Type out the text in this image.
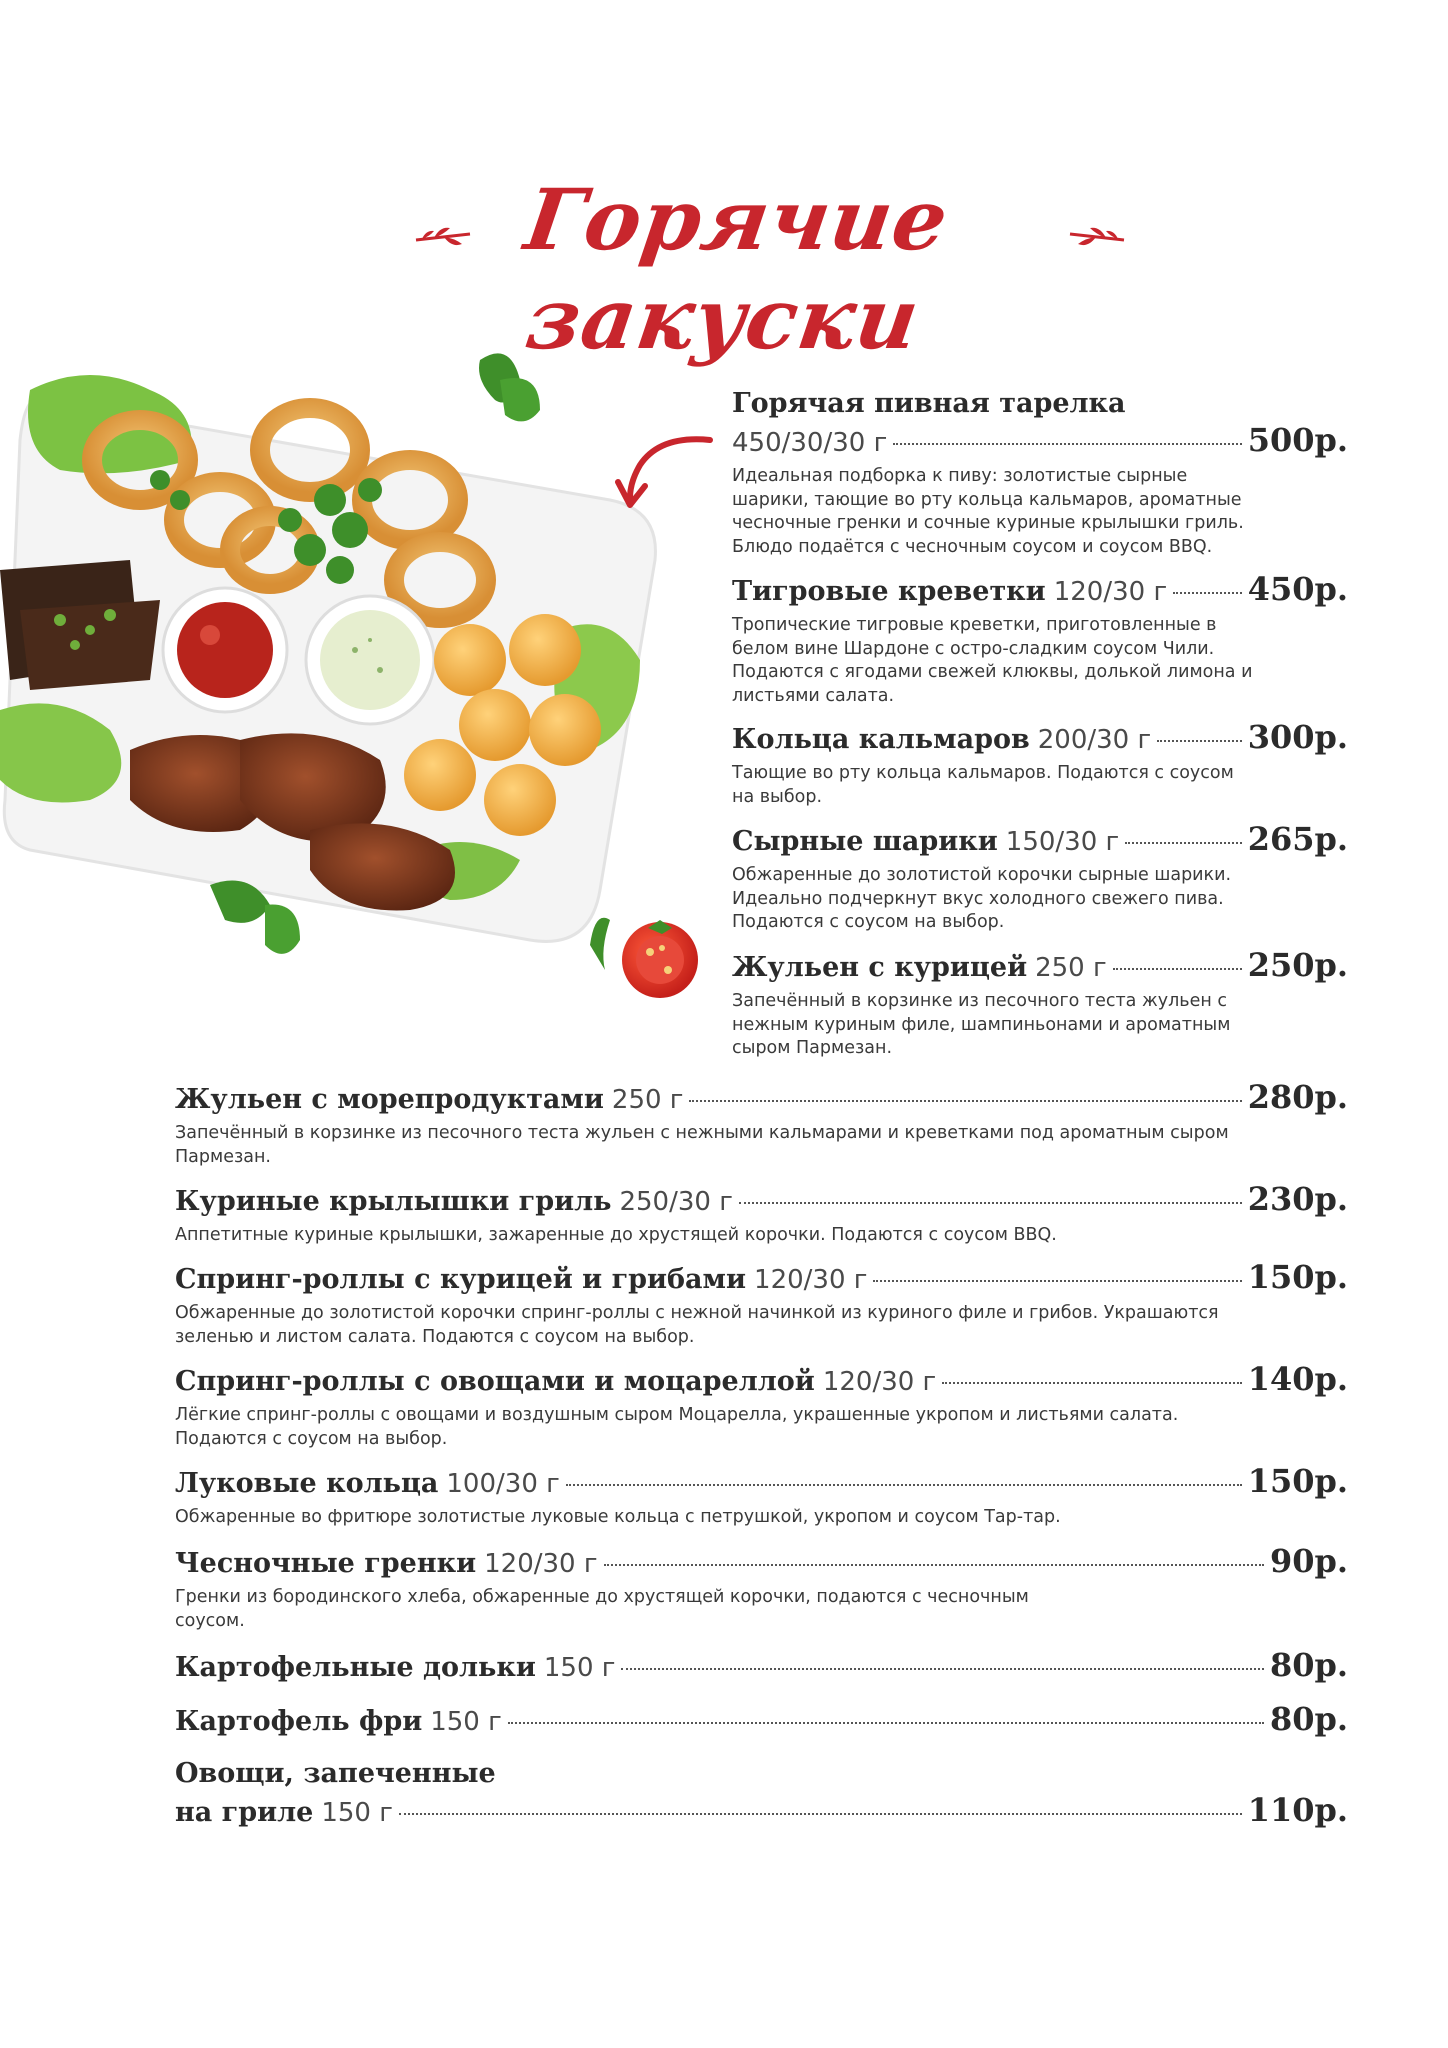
Горячие закуски
Горячая пивная тарелка
450/30/30 г	500р.
Идеальная подборка к пиву: золотистые сырные шарики, тающие во рту кольца кальмаров, ароматные чесночные гренки и сочные куриные крылышки гриль. Блюдо подаётся с чесночным соусом и соусом BBQ.
Тигровые креветки 120/30 г	450р.
Тропические тигровые креветки, приготовленные в белом вине Шардоне с остро-сладким соусом Чили. Подаются с ягодами свежей клюквы, долькой лимона и листьями салата.
Кольца кальмаров 200/30 г	300р.
Тающие во рту кольца кальмаров. Подаются с соусом на выбор.
Сырные шарики 150/30 г	265р.
Обжаренные до золотистой корочки сырные шарики. Идеально подчеркнут вкус холодного свежего пива. Подаются с соусом на выбор.
Жульен с курицей 250 г	250р.
Запечённый в корзинке из песочного теста жульен с нежным куриным филе, шампиньонами и ароматным сыром Пармезан.
Жульен с морепродуктами 250 г	280р.
Запечённый в корзинке из песочного теста жульен с нежными кальмарами и креветками под ароматным сыром Пармезан.
Куриные крылышки гриль 250/30 г	230р.
Аппетитные куриные крылышки, зажаренные до хрустящей корочки. Подаются с соусом BBQ.
Спринг-роллы с курицей и грибами 120/30 г	150р.
Обжаренные до золотистой корочки спринг-роллы с нежной начинкой из куриного филе и грибов. Украшаются зеленью и листом салата. Подаются с соусом на выбор.
Спринг-роллы с овощами и моцареллой 120/30 г	140р.
Лёгкие спринг-роллы с овощами и воздушным сыром Моцарелла, украшенные укропом и листьями салата. Подаются с соусом на выбор.
Луковые кольца 100/30 г	150р.
Обжаренные во фритюре золотистые луковые кольца с петрушкой, укропом и соусом Тар-тар.
Чесночные гренки 120/30 г	90р.
Гренки из бородинского хлеба, обжаренные до хрустящей корочки, подаются с чесночным соусом.
Картофельные дольки 150 г	80р.
Картофель фри 150 г	80р.
Овощи, запеченные
на гриле 150 г	110р.
